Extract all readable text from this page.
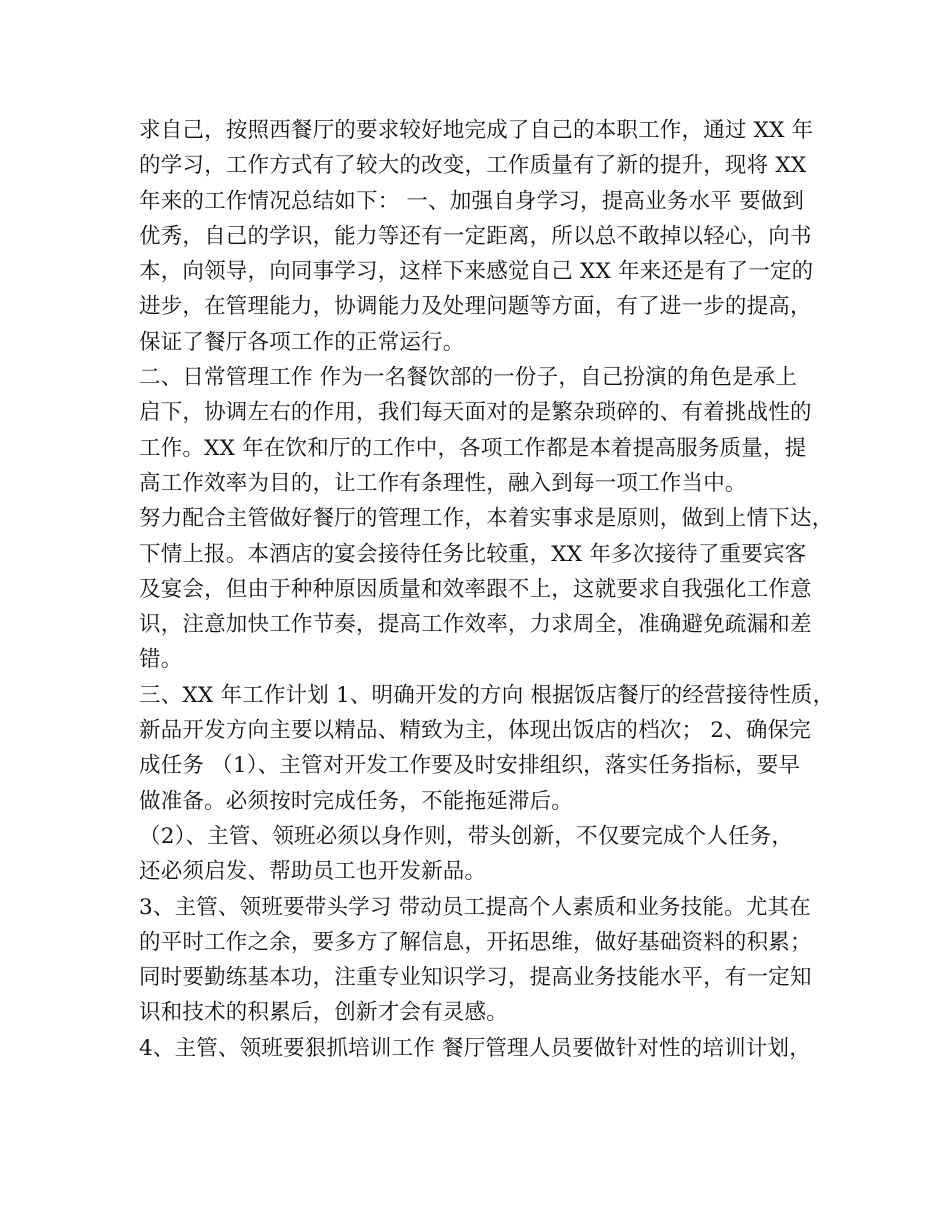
求自己，按照西餐厅的要求较好地完成了自己的本职工作，通过 XX 年
的学习，工作方式有了较大的改变，工作质量有了新的提升，现将 XX
年来的工作情况总结如下： 一、加强自身学习，提高业务水平 要做到
优秀，自己的学识，能力等还有一定距离，所以总不敢掉以轻心，向书
本，向领导，向同事学习，这样下来感觉自己 XX 年来还是有了一定的
进步，在管理能力，协调能力及处理问题等方面，有了进一步的提高，
保证了餐厅各项工作的正常运行。
二、日常管理工作 作为一名餐饮部的一份子，自己扮演的角色是承上
启下，协调左右的作用，我们每天面对的是繁杂琐碎的、有着挑战性的
工作。XX 年在饮和厅的工作中，各项工作都是本着提高服务质量，提
高工作效率为目的，让工作有条理性，融入到每一项工作当中。
努力配合主管做好餐厅的管理工作，本着实事求是原则，做到上情下达，
下情上报。本酒店的宴会接待任务比较重，XX 年多次接待了重要宾客
及宴会，但由于种种原因质量和效率跟不上，这就要求自我强化工作意
识，注意加快工作节奏，提高工作效率，力求周全，准确避免疏漏和差
错。
三、XX 年工作计划 1、明确开发的方向 根据饭店餐厅的经营接待性质，
新品开发方向主要以精品、精致为主，体现出饭店的档次； 2、确保完
成任务 （1）、主管对开发工作要及时安排组织，落实任务指标，要早
做准备。必须按时完成任务，不能拖延滞后。
（2）、主管、领班必须以身作则，带头创新，不仅要完成个人任务，
还必须启发、帮助员工也开发新品。
3、主管、领班要带头学习 带动员工提高个人素质和业务技能。尤其在
的平时工作之余，要多方了解信息，开拓思维，做好基础资料的积累；
同时要勤练基本功，注重专业知识学习，提高业务技能水平，有一定知
识和技术的积累后，创新才会有灵感。
4、主管、领班要狠抓培训工作 餐厅管理人员要做针对性的培训计划，
